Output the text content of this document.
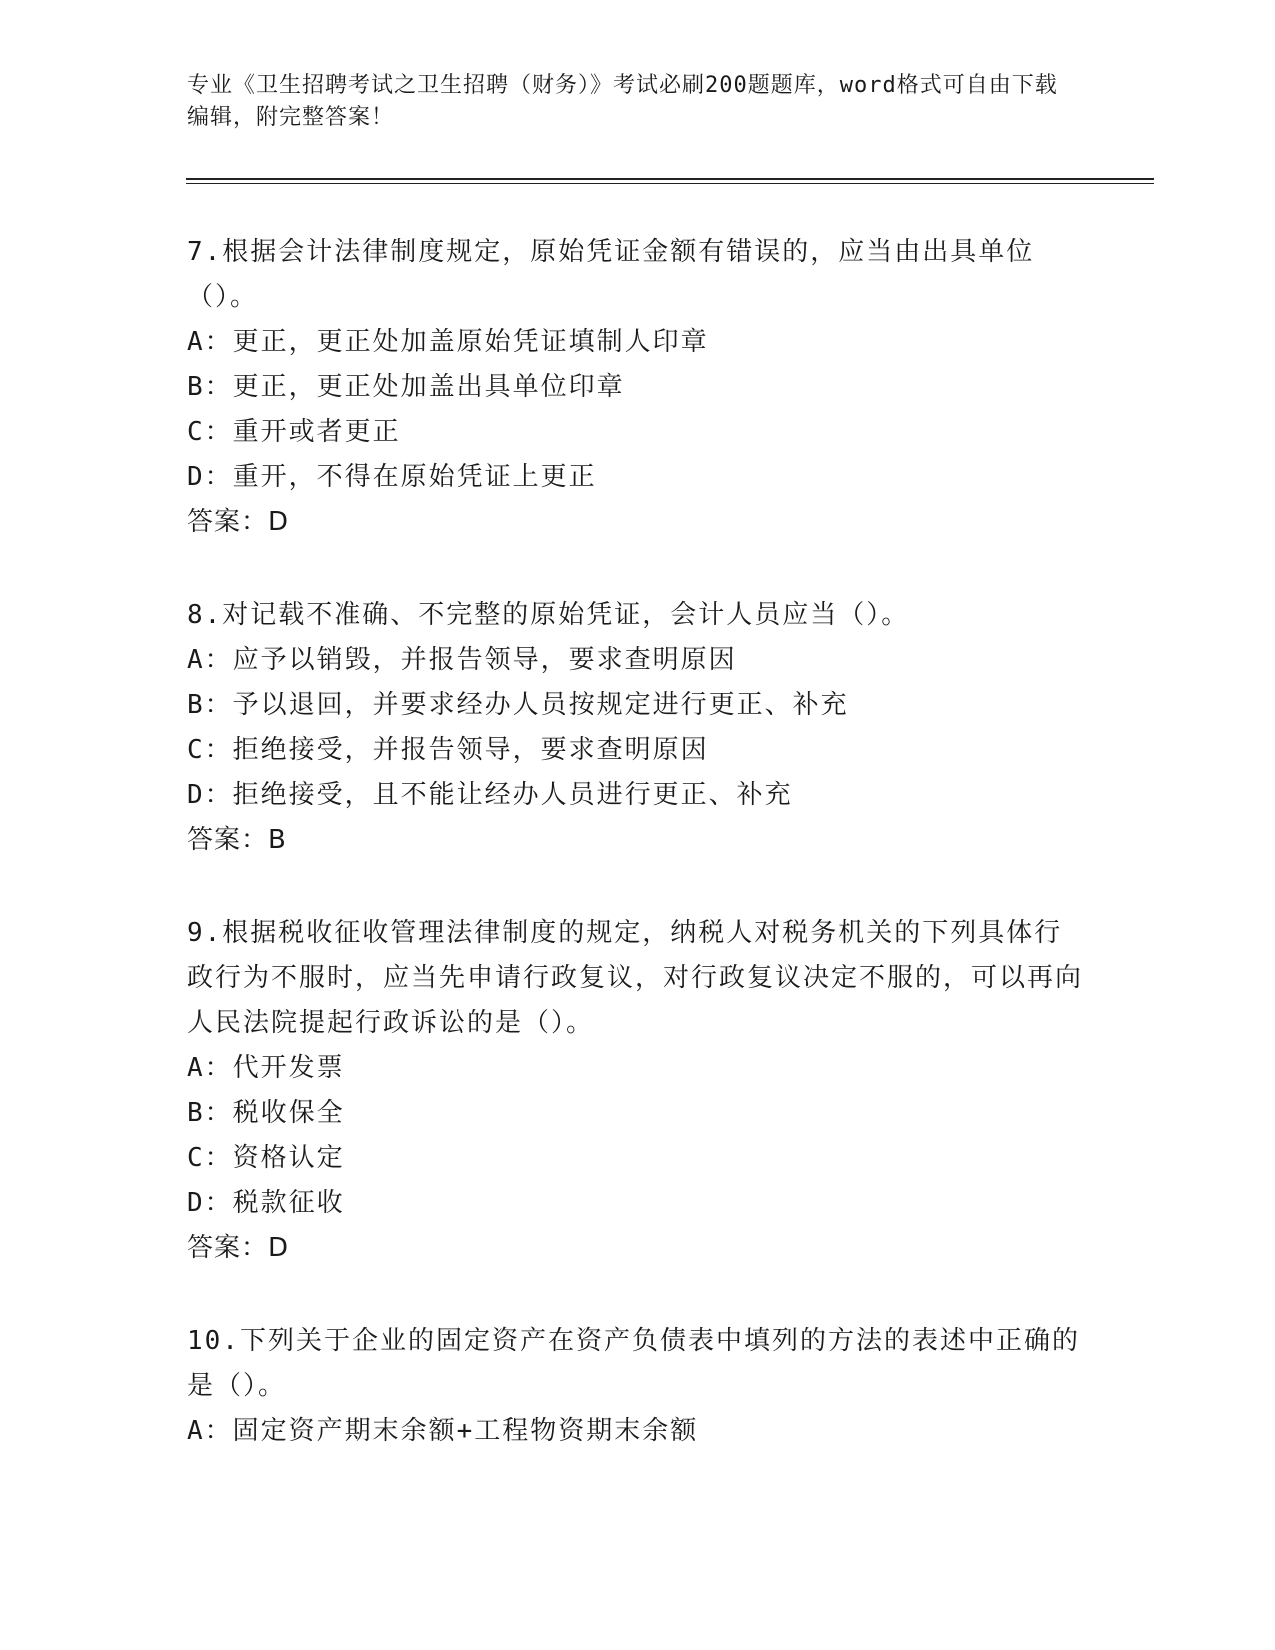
专业《卫生招聘考试之卫生招聘（财务）》考试必刷200题题库，word格式可自由下载编辑，附完整答案！

7.根据会计法律制度规定，原始凭证金额有错误的，应当由出具单位（）。

A：更正，更正处加盖原始凭证填制人印章

B：更正，更正处加盖出具单位印章

C：重开或者更正

D：重开，不得在原始凭证上更正

答案：D

8.对记载不准确、不完整的原始凭证，会计人员应当（）。

A：应予以销毁，并报告领导，要求查明原因

B：予以退回，并要求经办人员按规定进行更正、补充

C：拒绝接受，并报告领导，要求查明原因

D：拒绝接受，且不能让经办人员进行更正、补充

答案：B

9.根据税收征收管理法律制度的规定，纳税人对税务机关的下列具体行政行为不服时，应当先申请行政复议，对行政复议决定不服的，可以再向人民法院提起行政诉讼的是（）。

A：代开发票

B：税收保全

C：资格认定

D：税款征收

答案：D

10.下列关于企业的固定资产在资产负债表中填列的方法的表述中正确的是（）。

A：固定资产期末余额+工程物资期末余额
